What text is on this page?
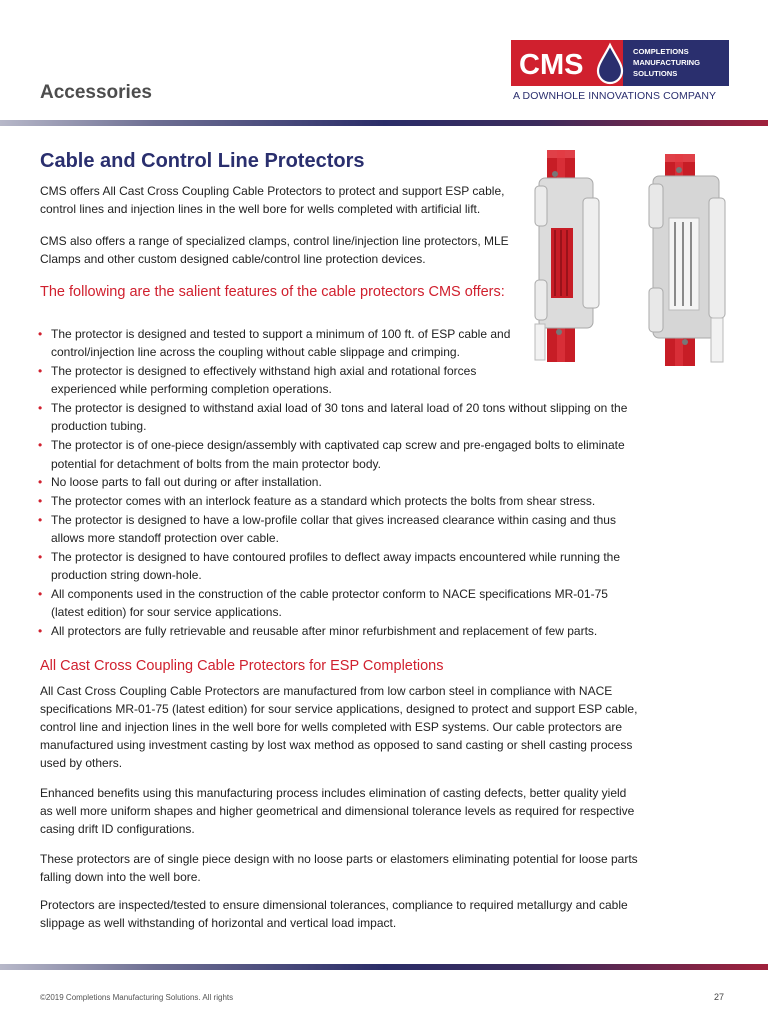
Accessories
CMS	COMPLETIONS
MANUFACTURING
SOLUTIONS
A DOWNHOLE INNOVATIONS COMPANY
Cable and Control Line Protectors
CMS offers All Cast Cross Coupling Cable Protectors to protect and support ESP cable, control lines and injection lines in the well bore for wells completed with artificial lift.
CMS also offers a range of specialized clamps, control line/injection line protectors, MLE Clamps and other custom designed cable/control line protection devices.
The following are the salient features of the cable protectors CMS offers:
• The protector is designed and tested to support a minimum of 100 ft. of ESP cable and control/injection line across the coupling without cable slippage and crimping.
• The protector is designed to effectively withstand high axial and rotational forces experienced while performing completion operations.
• The protector is designed to withstand axial load of 30 tons and lateral load of 20 tons without slipping on the production tubing.
• The protector is of one-piece design/assembly with captivated cap screw and pre-engaged bolts to eliminate potential for detachment of bolts from the main protector body.
• No loose parts to fall out during or after installation.
• The protector comes with an interlock feature as a standard which protects the bolts from shear stress.
• The protector is designed to have a low-profile collar that gives increased clearance within casing and thus allows more standoff protection over cable.
• The protector is designed to have contoured profiles to deflect away impacts encountered while running the production string down-hole.
• All components used in the construction of the cable protector conform to NACE specifications MR-01-75 (latest edition) for sour service applications.
• All protectors are fully retrievable and reusable after minor refurbishment and replacement of few parts.
All Cast Cross Coupling Cable Protectors for ESP Completions
All Cast Cross Coupling Cable Protectors are manufactured from low carbon steel in compliance with NACE specifications MR-01-75 (latest edition) for sour service applications, designed to protect and support ESP cable, control line and injection lines in the well bore for wells completed with ESP systems. Our cable protectors are manufactured using investment casting by lost wax method as opposed to sand casting or shell casting process used by others.
Enhanced benefits using this manufacturing process includes elimination of casting defects, better quality yield as well more uniform shapes and higher geometrical and dimensional tolerance levels as required for respective casing drift ID configurations.
These protectors are of single piece design with no loose parts or elastomers eliminating potential for loose parts falling down into the well bore.
Protectors are inspected/tested to ensure dimensional tolerances, compliance to required metallurgy and cable slippage as well withstanding of horizontal and vertical load impact.
©2019 Completions Manufacturing Solutions. All rights	27
